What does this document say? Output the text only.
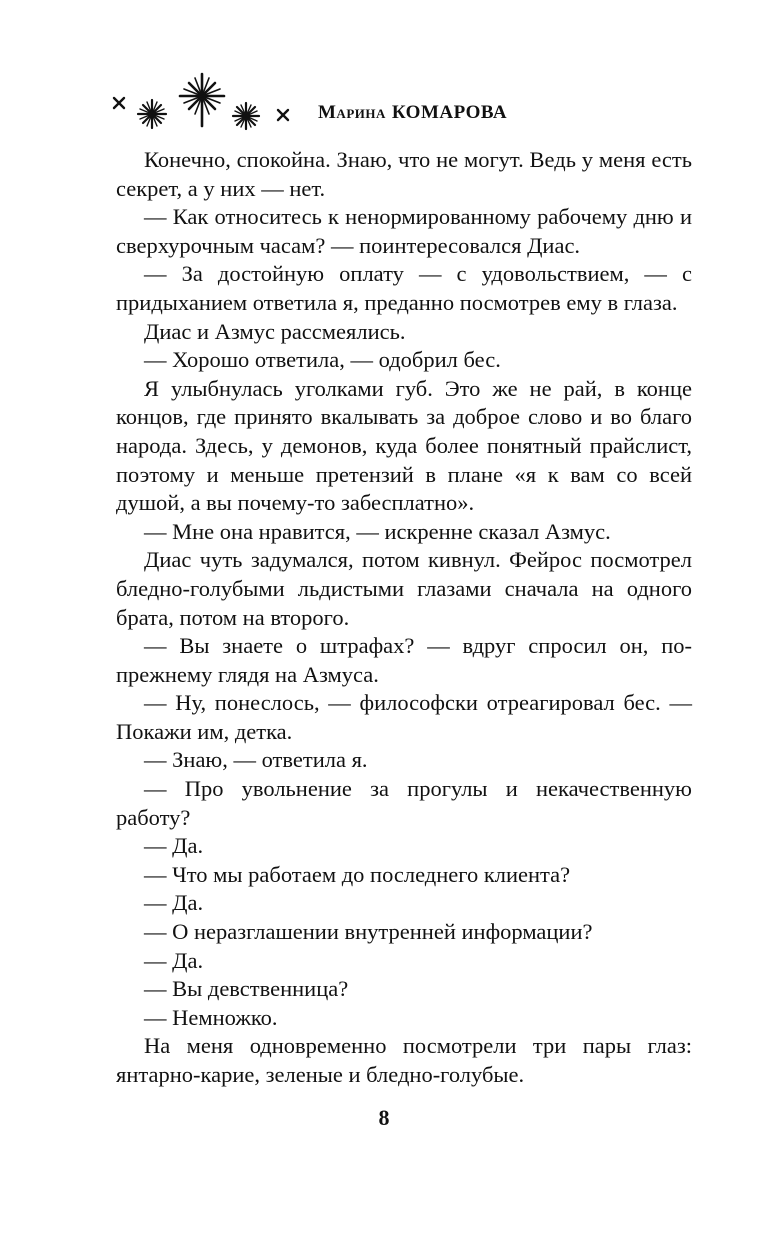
Марина КОМАРОВА

Конечно, спокойна. Знаю, что не могут. Ведь у меня есть секрет, а у них — нет.

— Как относитесь к ненормированному рабочему дню и сверхурочным часам? — поинтересовался Диас.

— За достойную оплату — с удовольствием, — с придыханием ответила я, преданно посмотрев ему в глаза.

Диас и Азмус рассмеялись.

— Хорошо ответила, — одобрил бес.

Я улыбнулась уголками губ. Это же не рай, в конце концов, где принято вкалывать за доброе слово и во благо народа. Здесь, у демонов, куда более понятный прайслист, поэтому и меньше претензий в плане «я к вам со всей душой, а вы почему-то забесплатно».

— Мне она нравится, — искренне сказал Азмус.

Диас чуть задумался, потом кивнул. Фейрос посмотрел бледно-голубыми льдистыми глазами сначала на одного брата, потом на второго.

— Вы знаете о штрафах? — вдруг спросил он, по-прежнему глядя на Азмуса.

— Ну, понеслось, — философски отреагировал бес. — Покажи им, детка.

— Знаю, — ответила я.

— Про увольнение за прогулы и некачественную работу?

— Да.

— Что мы работаем до последнего клиента?

— Да.

— О неразглашении внутренней информации?

— Да.

— Вы девственница?

— Немножко.

На меня одновременно посмотрели три пары глаз: янтарно-карие, зеленые и бледно-голубые.

8
